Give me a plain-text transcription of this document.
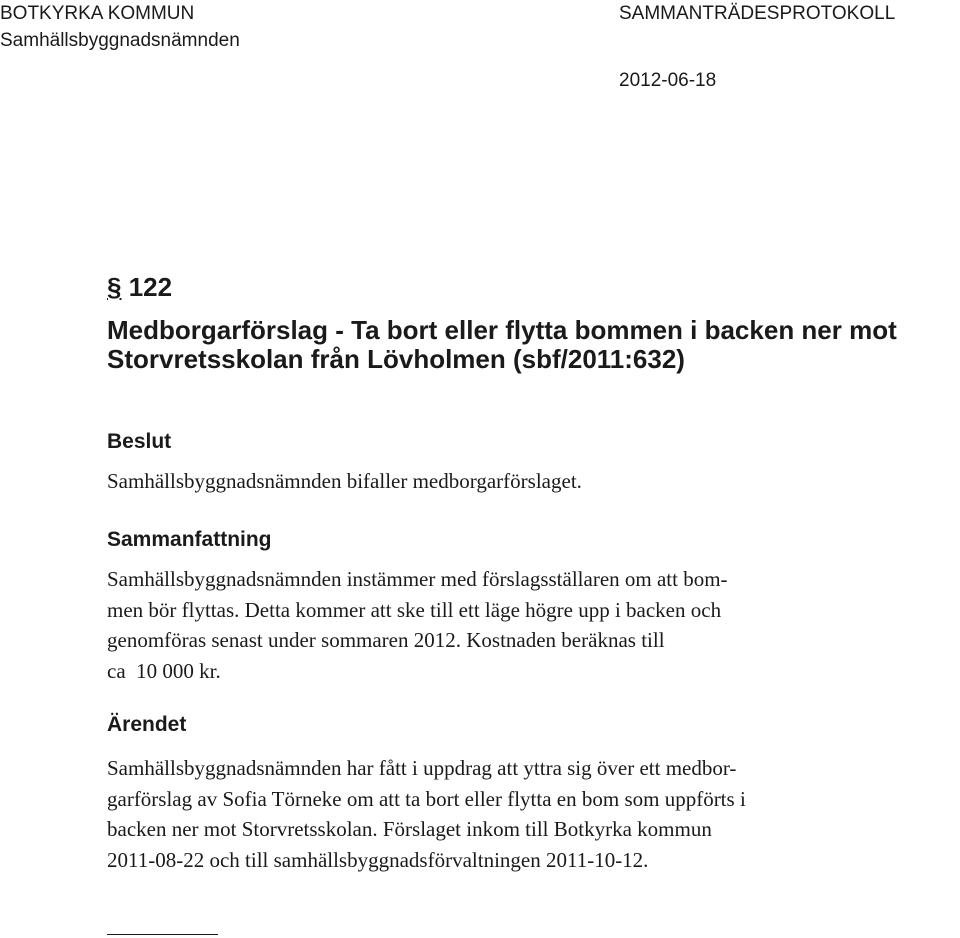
BOTKYRKA KOMMUN
Samhällsbyggnadsnämnden
SAMMANTRÄDESPROTOKOLL
2012-06-18
§ 122
Medborgarförslag - Ta bort eller flytta bommen i backen ner mot Storvretsskolan från Lövholmen (sbf/2011:632)
Beslut

Samhällsbyggnadsnämnden bifaller medborgarförslaget.

Sammanfattning
Samhällsbyggnadsnämnden instämmer med förslagsställaren om att bom-
men bör flyttas. Detta kommer att ske till ett läge högre upp i backen och
genomföras senast under sommaren 2012. Kostnaden beräknas till
ca  10 000 kr.
Ärendet
Samhällsbyggnadsnämnden har fått i uppdrag att yttra sig över ett medbor-
garförslag av Sofia Törneke om att ta bort eller flytta en bom som uppförts i
backen ner mot Storvretsskolan. Förslaget inkom till Botkyrka kommun
2011-08-22 och till samhällsbyggnadsförvaltningen 2011-10-12.
